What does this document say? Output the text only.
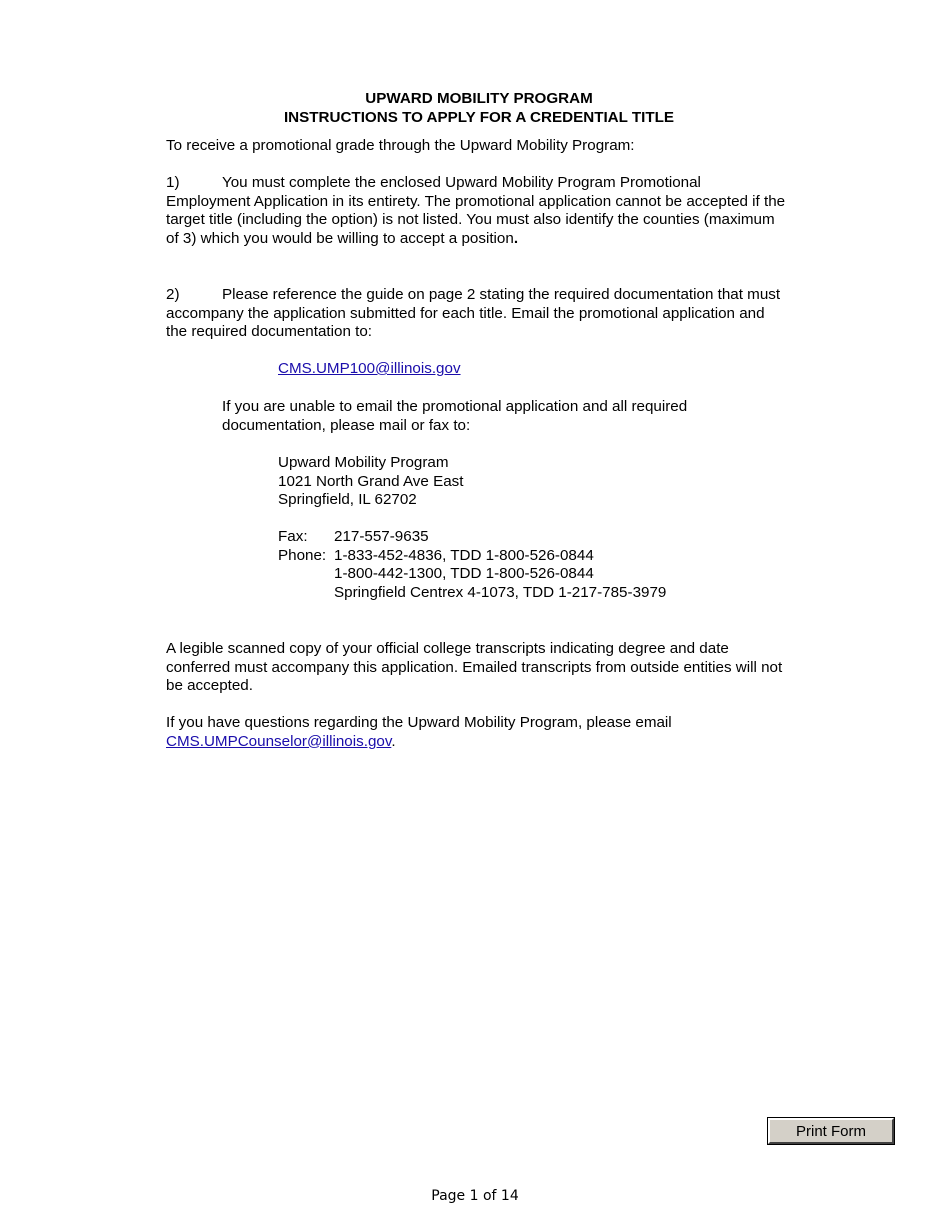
UPWARD MOBILITY PROGRAM
INSTRUCTIONS TO APPLY FOR A CREDENTIAL TITLE

To receive a promotional grade through the Upward Mobility Program:

1)	You must complete the enclosed Upward Mobility Program Promotional Employment Application in its entirety. The promotional application cannot be accepted if the target title (including the option) is not listed. You must also identify the counties (maximum of 3) which you would be willing to accept a position.

2)	Please reference the guide on page 2 stating the required documentation that must accompany the application submitted for each title. Email the promotional application and the required documentation to:

CMS.UMP100@illinois.gov

If you are unable to email the promotional application and all required documentation, please mail or fax to:

Upward Mobility Program
1021 North Grand Ave East
Springfield, IL 62702
Fax:	217-557-9635
Phone: 1-833-452-4836, TDD 1-800-526-0844
1-800-442-1300, TDD 1-800-526-0844
Springfield Centrex 4-1073, TDD 1-217-785-3979

A legible scanned copy of your official college transcripts indicating degree and date conferred must accompany this application. Emailed transcripts from outside entities will not be accepted.

If you have questions regarding the Upward Mobility Program, please email
CMS.UMPCounselor@illinois.gov.

Print Form
Page 1 of 14
